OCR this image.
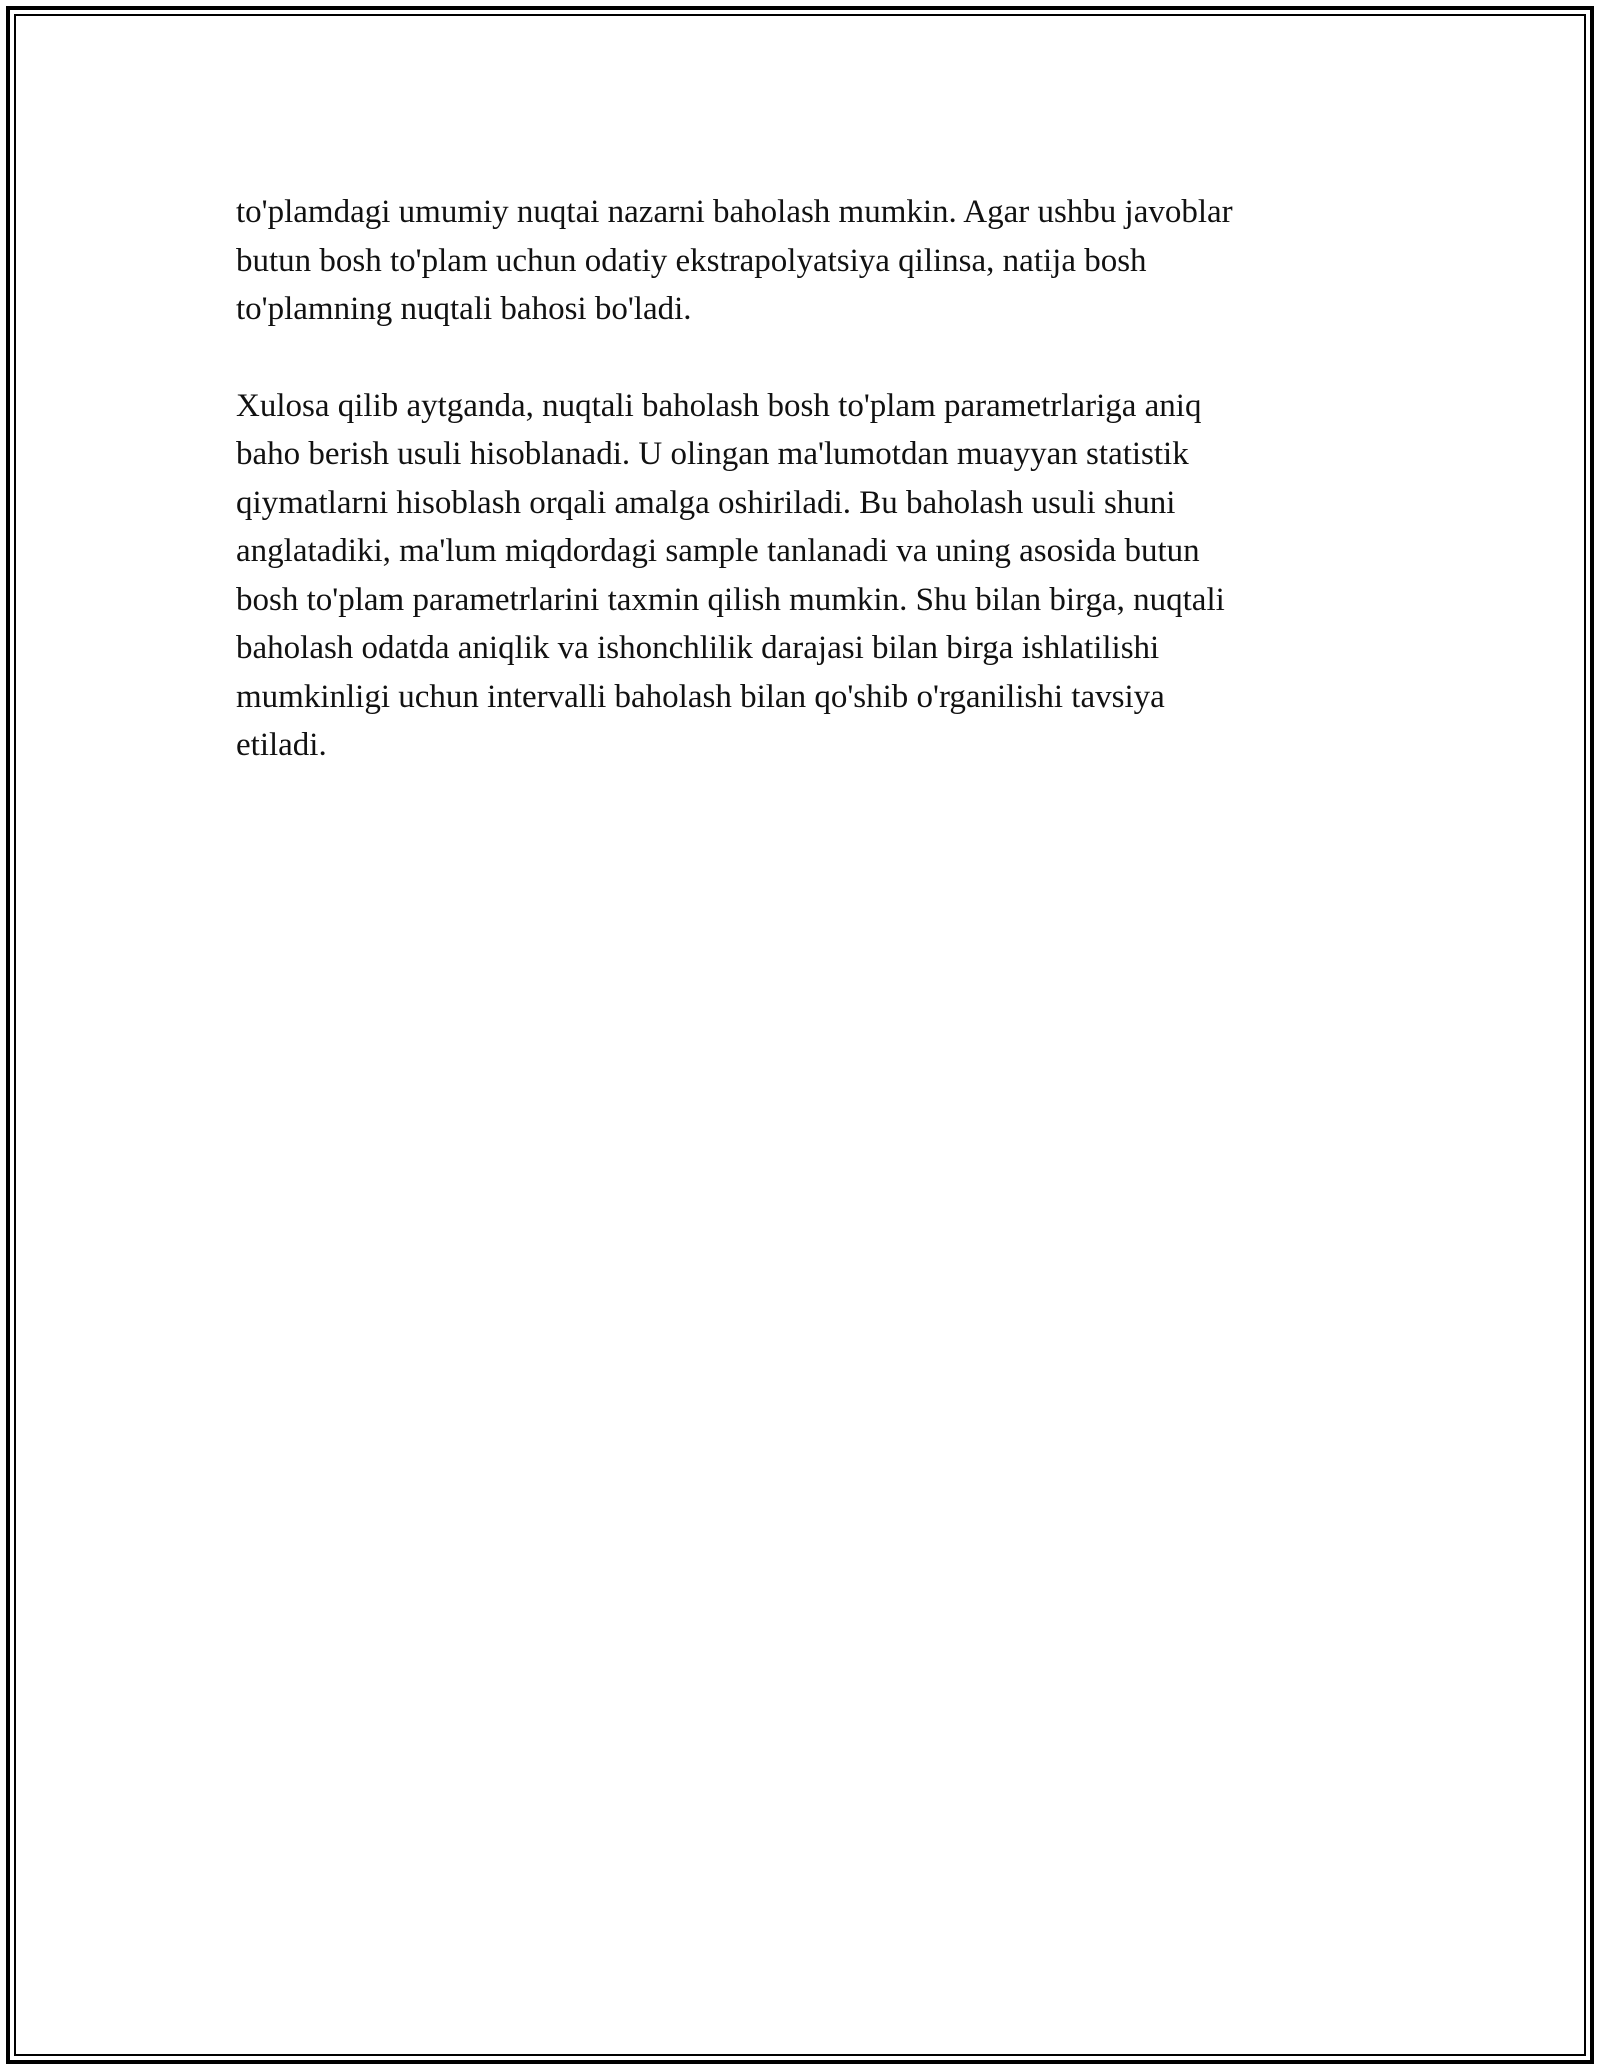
to'plamdagi umumiy nuqtai nazarni baholash mumkin. Agar ushbu javoblar
butun bosh to'plam uchun odatiy ekstrapolyatsiya qilinsa, natija bosh
to'plamning nuqtali bahosi bo'ladi.

Xulosa qilib aytganda, nuqtali baholash bosh to'plam parametrlariga aniq
baho berish usuli hisoblanadi. U olingan ma'lumotdan muayyan statistik
qiymatlarni hisoblash orqali amalga oshiriladi. Bu baholash usuli shuni
anglatadiki, ma'lum miqdordagi sample tanlanadi va uning asosida butun
bosh to'plam parametrlarini taxmin qilish mumkin. Shu bilan birga, nuqtali
baholash odatda aniqlik va ishonchlilik darajasi bilan birga ishlatilishi
mumkinligi uchun intervalli baholash bilan qo'shib o'rganilishi tavsiya
etiladi.
